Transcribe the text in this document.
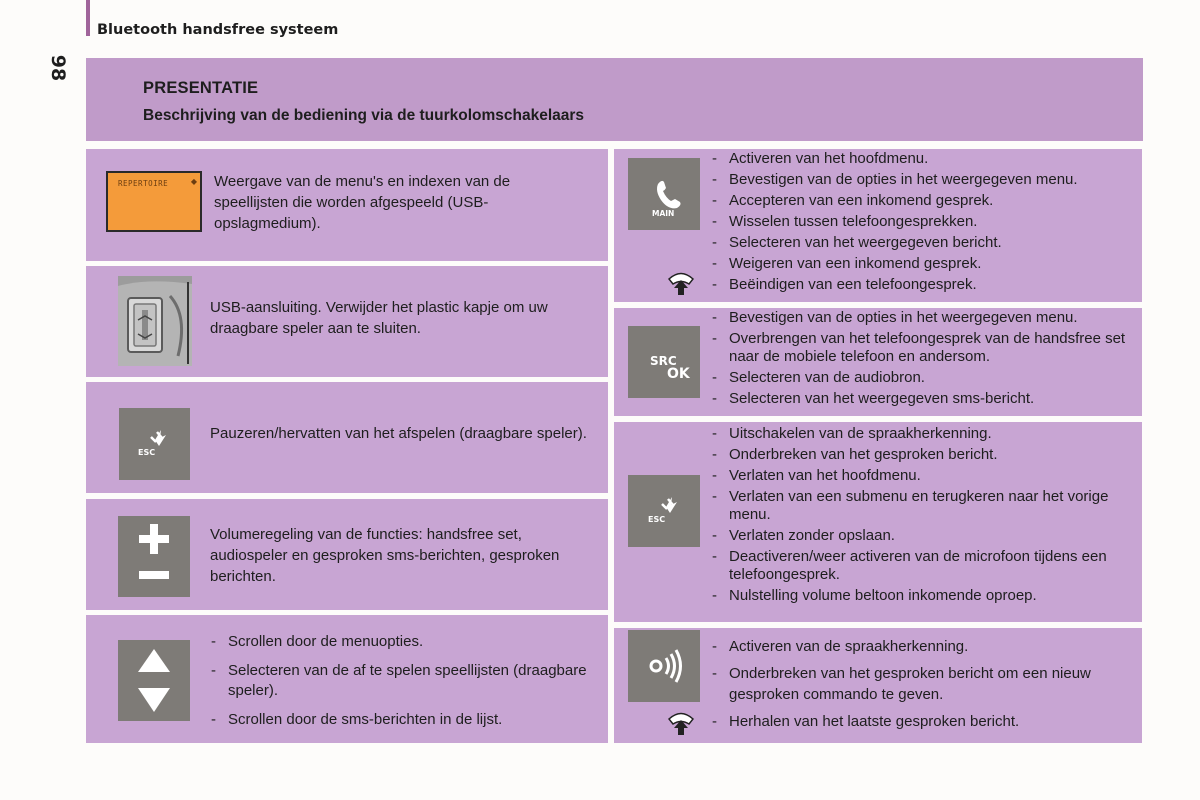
Bluetooth handsfree systeem
98
PRESENTATIE
Beschrijving van de bediening via de tuurkolomschakelaars
REPERTOIRE	◆ Weergave van de menu's en indexen van de speellijsten die worden afgespeeld (USB-opslagmedium).
USB-aansluiting. Verwijder het plastic kapje om uw draagbare speler aan te sluiten.
ESC
Pauzeren/hervatten van het afspelen (draagbare speler).
Volumeregeling van de functies: handsfree set, audiospeler en gesproken sms-berichten, gesproken berichten.
- Scrollen door de menuopties.
- Selecteren van de af te spelen speellijsten (draagbare speler).
- Scrollen door de sms-berichten in de lijst.
MAIN
- Activeren van het hoofdmenu.
- Bevestigen van de opties in het weergegeven menu.
- Accepteren van een inkomend gesprek.
- Wisselen tussen telefoongesprekken.
- Selecteren van het weergegeven bericht.
- Weigeren van een inkomend gesprek.
- Beëindigen van een telefoongesprek.
SRC
OK
- Bevestigen van de opties in het weergegeven menu.
- Overbrengen van het telefoongesprek van de handsfree set naar de mobiele telefoon en andersom.
- Selecteren van de audiobron.
- Selecteren van het weergegeven sms-bericht.
ESC
- Uitschakelen van de spraakherkenning.
- Onderbreken van het gesproken bericht.
- Verlaten van het hoofdmenu.
- Verlaten van een submenu en terugkeren naar het vorige menu.
- Verlaten zonder opslaan.
- Deactiveren/weer activeren van de microfoon tijdens een telefoongesprek.
- Nulstelling volume beltoon inkomende oproep.
- Activeren van de spraakherkenning.
- Onderbreken van het gesproken bericht om een nieuw gesproken commando te geven.
- Herhalen van het laatste gesproken bericht.
